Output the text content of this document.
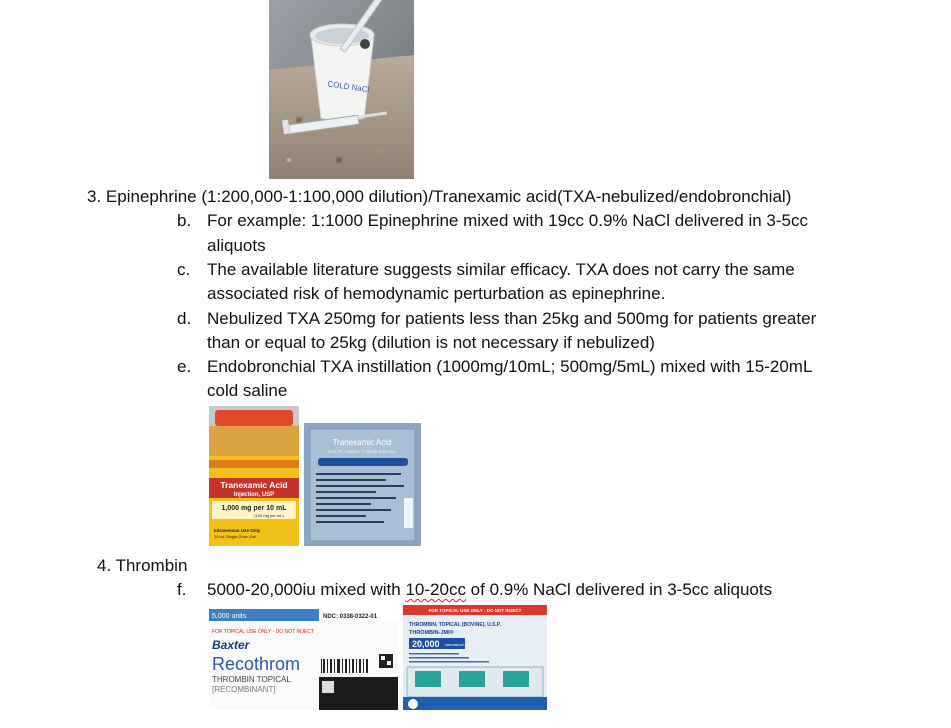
COLD NaCl
3. Epinephrine (1:200,000-1:100,000 dilution)/Tranexamic acid(TXA-nebulized/endobronchial)
b. For example: 1:1000 Epinephrine mixed with 19cc 0.9% NaCl delivered in 3-5cc
aliquots
c. The available literature suggests similar efficacy. TXA does not carry the same
associated risk of hemodynamic perturbation as epinephrine.
d. Nebulized TXA 250mg for patients less than 25kg and 500mg for patients greater
than or equal to 25kg (dilution is not necessary if nebulized)
e. Endobronchial TXA instillation (1000mg/10mL; 500mg/5mL) mixed with 15-20mL
cold saline
Tranexamic Acid
Injection, USP
1,000 mg per 10 mL
(100 mg per mL)
Intravenous Use Only
10 mL Single-Dose Vial
Tranexamic Acid
in 0.7% Sodium Chloride Injection
4. Thrombin
f. 5000-20,000iu mixed with 10-20cc of 0.9% NaCl delivered in 3-5cc aliquots
5,000 units	NDC: 0338-0322-01
FOR TOPICAL USE ONLY - DO NOT INJECT
Baxter
Recothrom
THROMBIN TOPICAL
[RECOMBINANT]
FOR TOPICAL USE ONLY - DO NOT INJECT
THROMBIN, TOPICAL (BOVINE), U.S.P.
THROMBIN-JMI®
20,000 International Units
